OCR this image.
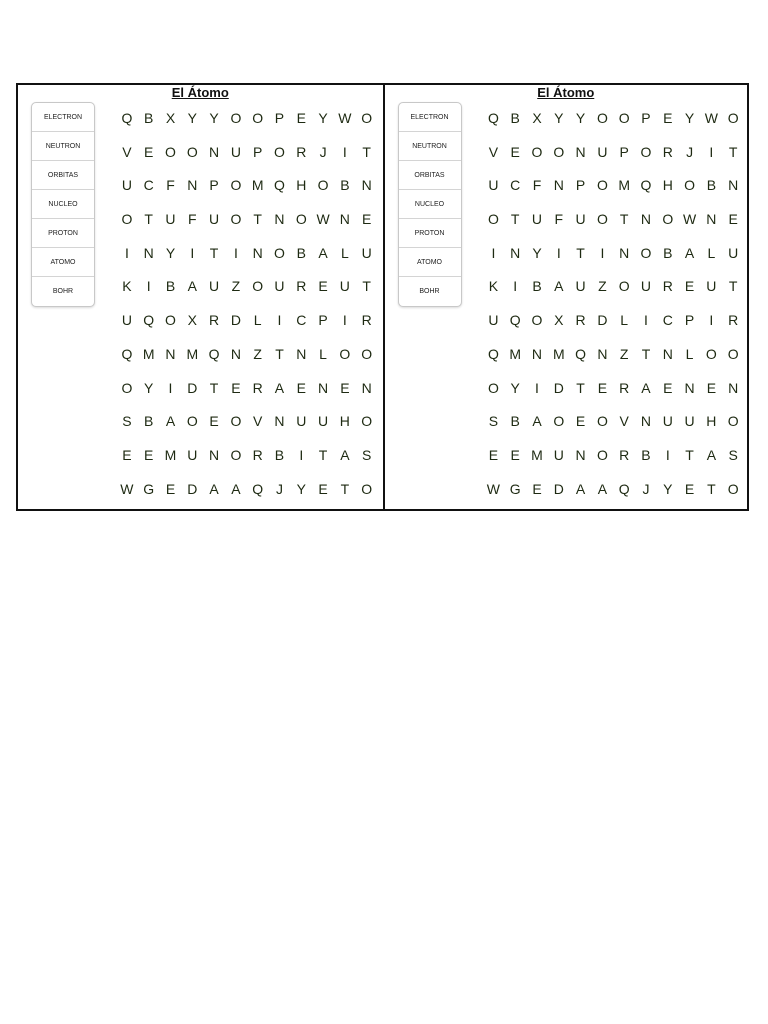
El Átomo
ELECTRON
NEUTRON
ORBITAS
NUCLEO
PROTON
ATOMO
BOHR
Q B X Y Y O O P E Y W O
V E O O N U P O R J	I	T
U C F N P O M Q H O B N
O T U F U O T N O W N E
I	N Y	I	T	I	N O B A L U
K	I	B A U Z O U R E U T
U Q O X R D L	I	C P	I	R
Q M N M Q N Z T N L O O
O Y	I	D T E R A E N E N
S B A O E O V N U U H O
E E M U N O R B	I	T A S
W G E D A A Q J Y E T O
El Átomo
ELECTRON
NEUTRON
ORBITAS
NUCLEO
PROTON
ATOMO
BOHR
Q B X Y Y O O P E Y W O
V E O O N U P O R J	I	T
U C F N P O M Q H O B N
O T U F U O T N O W N E
I	N Y	I	T	I	N O B A L U
K	I	B A U Z O U R E U T
U Q O X R D L	I	C P	I	R
Q M N M Q N Z T N L O O
O Y	I	D T E R A E N E N
S B A O E O V N U U H O
E E M U N O R B	I	T A S
W G E D A A Q J Y E T O
